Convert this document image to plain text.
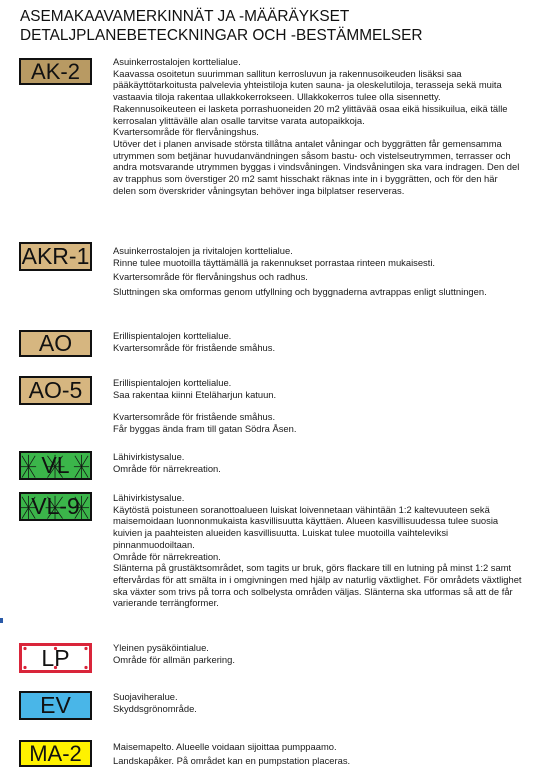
ASEMAKAAVAMERKINNÄT JA -MÄÄRÄYKSET
DETALJPLANEBETECKNINGAR OCH -BESTÄMMELSER
AK-2	Asuinkerrostalojen korttelialue.

Kaavassa osoitetun suurimman sallitun kerrosluvun ja rakennusoikeuden lisäksi saa pääkäyttötarkoitusta palvelevia yhteistiloja kuten sauna- ja oleskelutiloja, terasseja sekä muita vastaavia tiloja rakentaa ullakkokerrokseen. Ullakkokerros tulee olla sisennetty. Rakennusoikeuteen ei lasketa porrashuoneiden 20 m2 ylittävää osaa eikä hissikuilua, eikä tälle kerrosalan ylittävälle alan osalle tarvitse varata autopaikkoja.

Kvartersområde för flervåningshus.

Utöver det i planen anvisade största tillåtna antalet våningar och byggrätten får gemensamma utrymmen som betjänar huvudanvändningen såsom bastu- och vistelseutrymmen, terrasser och andra motsvarande utrymmen byggas i vindsvåningen. Vindsvåningen ska vara indragen. Den del av trapphus som överstiger 20 m2 samt hisschakt räknas inte in i byggrätten, och för den här delen som överskrider våningsytan behöver inga bilplatser reserveras.

AKR-1	Asuinkerrostalojen ja rivitalojen korttelialue.

Rinne tulee muotoilla täyttämällä ja rakennukset porrastaa rinteen mukaisesti.

Kvartersområde för flervåningshus och radhus.

Sluttningen ska omformas genom utfyllning och byggnaderna avtrappas enligt sluttningen.

AO	Erillispientalojen korttelialue.

Kvartersområde för fristående småhus.

AO-5	Erillispientalojen korttelialue.

Saa rakentaa kiinni Eteläharjun katuun.

Kvartersområde för fristående småhus.

Får byggas ända fram till gatan Södra Åsen.

VL	Lähivirkistysalue.

Område för närrekreation.

VL-9	Lähivirkistysalue.

Käytöstä poistuneen soranottoalueen luiskat loivennetaan vähintään 1:2 kaltevuuteen sekä maisemoidaan luonnonmukaista kasvillisuutta käyttäen. Alueen kasvillisuudessa tulee suosia kuivien ja paahteisten alueiden kasvillisuutta. Luiskat tulee muotoilla vaihteleviksi pinnanmuodoiltaan.

Område för närrekreation.

Slänterna på grustäktsområdet, som tagits ur bruk, görs flackare till en lutning på minst 1:2 samt eftervårdas för att smälta in i omgivningen med hjälp av naturlig växtlighet. För områdets växtlighet ska växter som trivs på torra och solbelysta områden väljas. Slänterna ska utformas så att de får varierande terrängformer.

LP	Yleinen pysäköintialue.

Område för allmän parkering.

EV	Suojaviheralue.

Skyddsgrönområde.

MA-2	Maisemapelto. Alueelle voidaan sijoittaa pumppaamo.

Landskapåker. På området kan en pumpstation placeras.
